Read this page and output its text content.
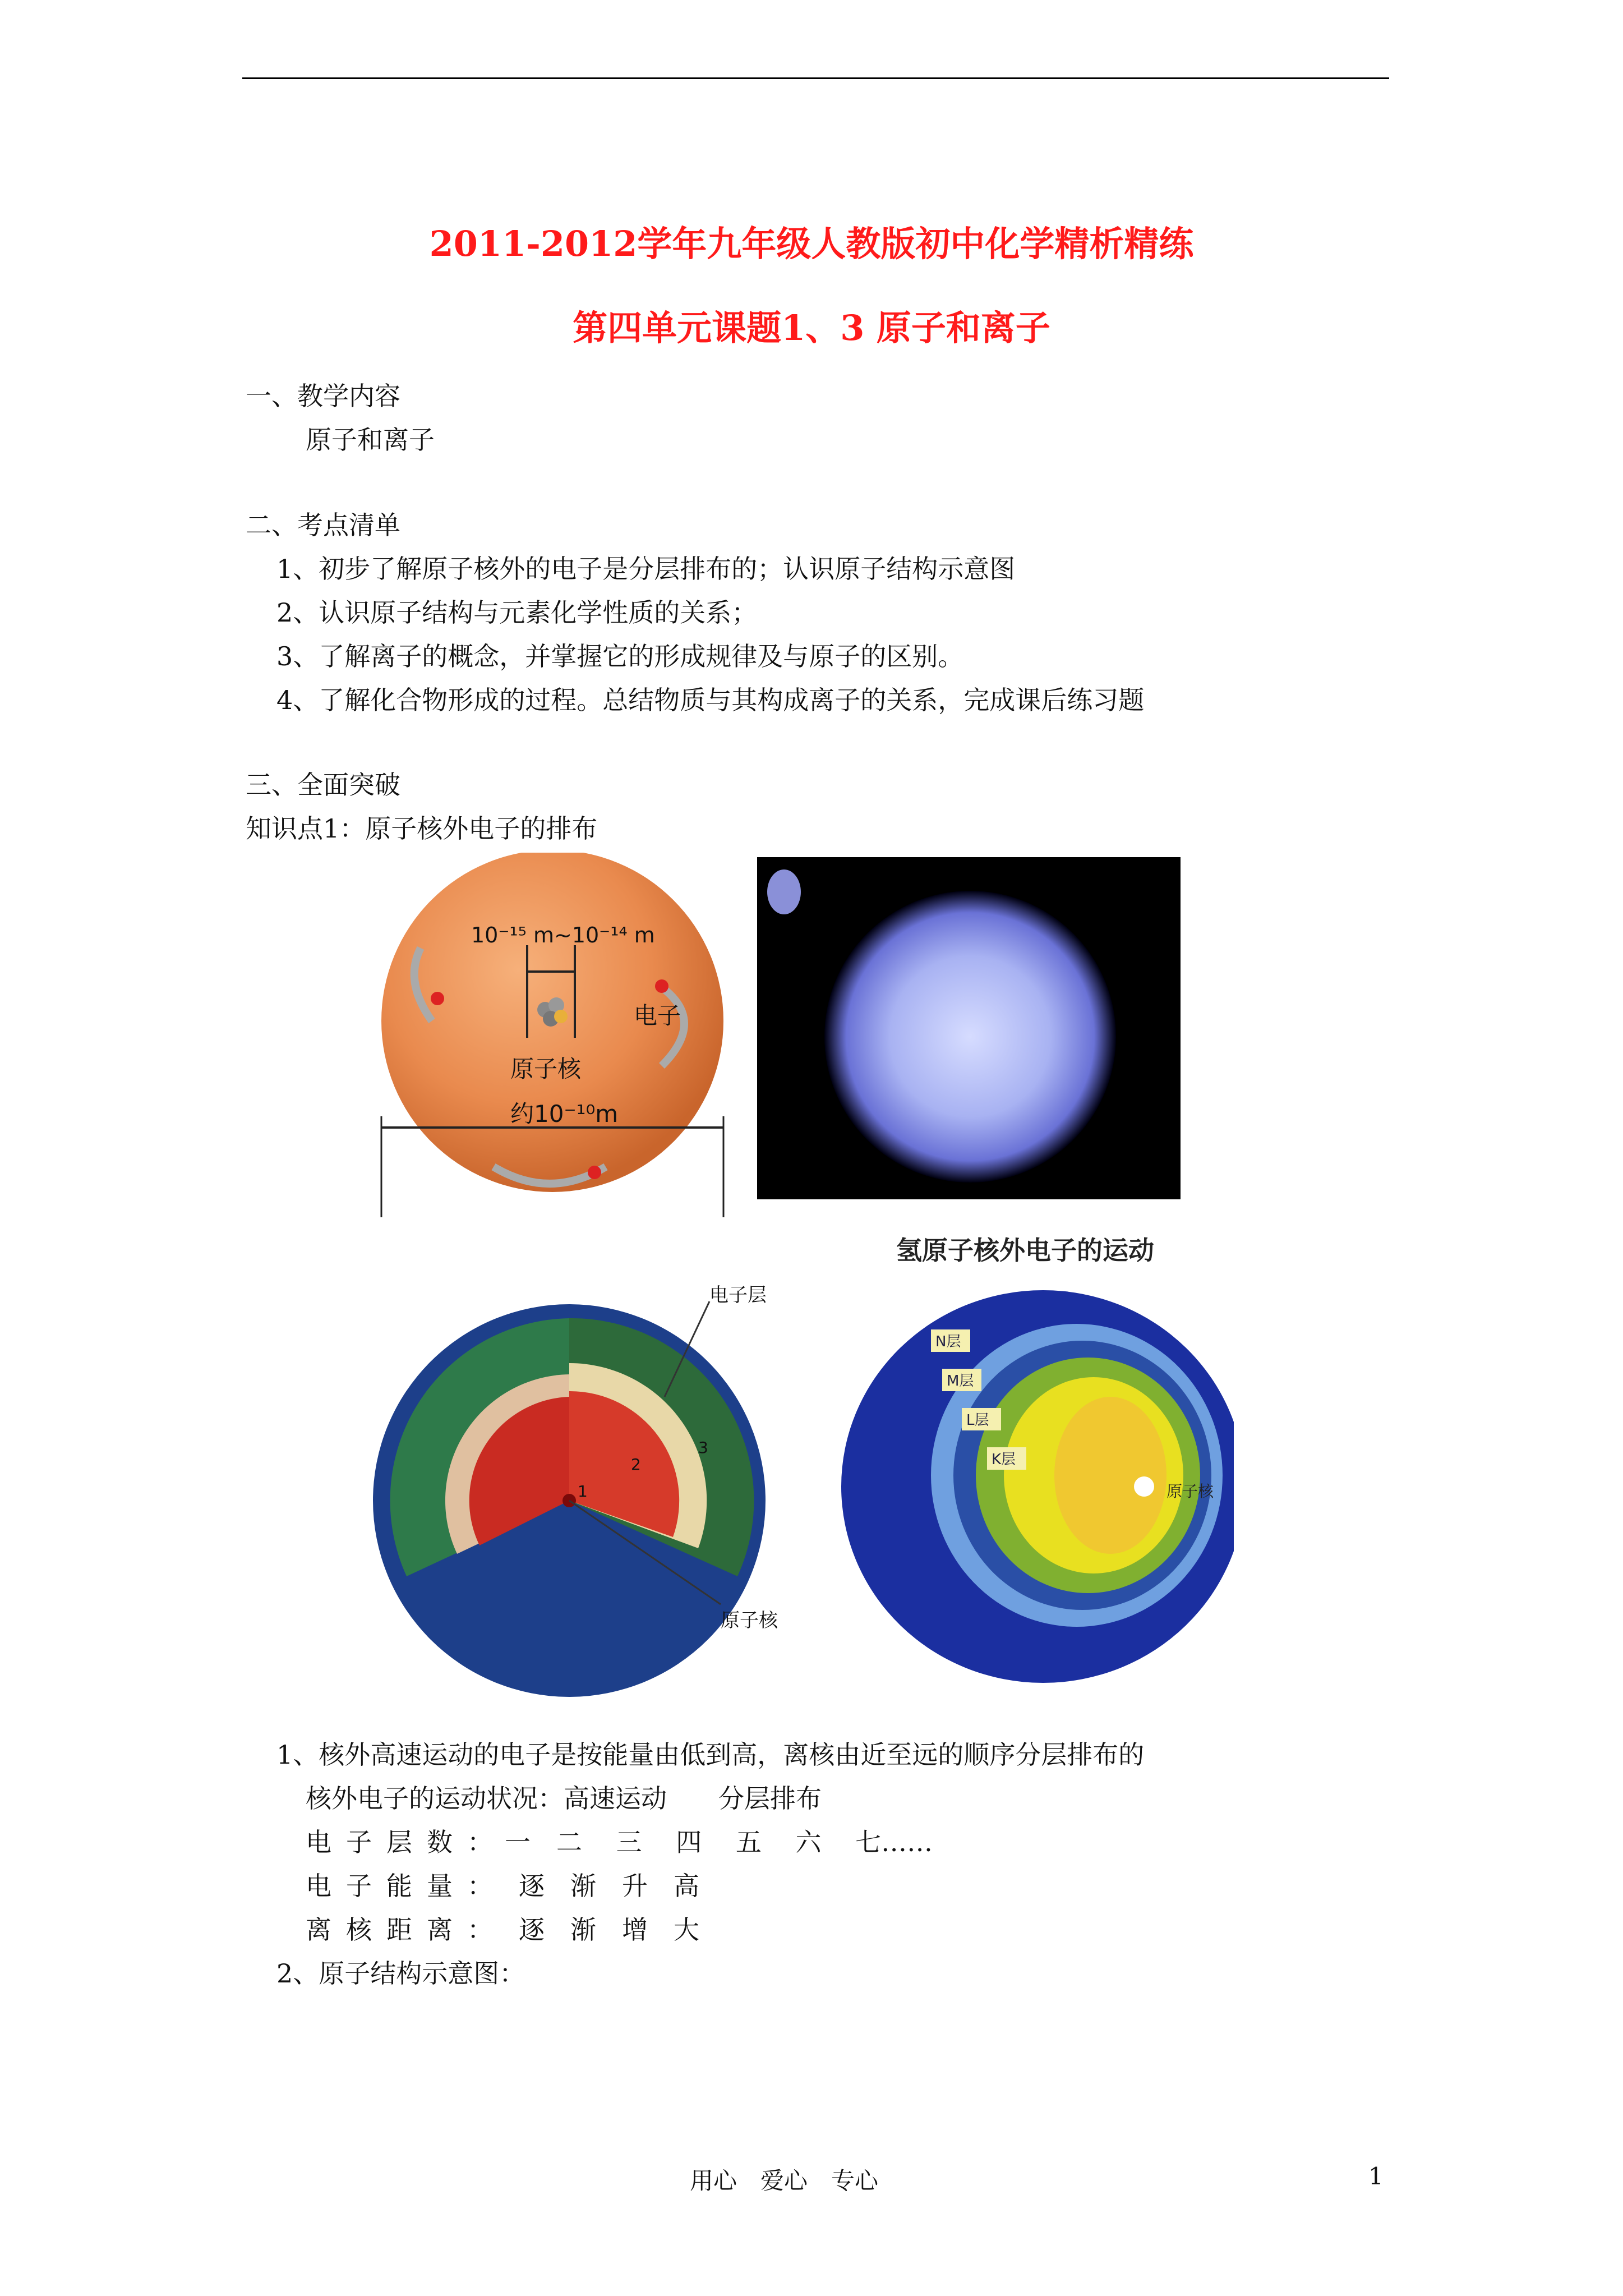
2011-2012学年九年级人教版初中化学精析精练
第四单元课题1、3 原子和离子
一、教学内容
原子和离子
二、考点清单
1、初步了解原子核外的电子是分层排布的；认识原子结构示意图
2、认识原子结构与元素化学性质的关系；
3、了解离子的概念，并掌握它的形成规律及与原子的区别。
4、了解化合物形成的过程。总结物质与其构成离子的关系，完成课后练习题
三、全面突破
知识点1：原子核外电子的排布
10⁻¹⁵ m~10⁻¹⁴ m
电子
原子核
约10⁻¹⁰m
氢原子核外电子的运动
1
2
3
电子层
原子核
N层
M层
L层
K层
原子核
1、核外高速运动的电子是按能量由低到高，离核由近至远的顺序分层排布的
核外电子的运动状况：高速运动　　分层排布
电子层数：
一　二　 三　 四　 五　 六　 七……
电子能量： 逐　渐　升　高
离核距离： 逐　渐　增　大
2、原子结构示意图：
用心　爱心　专心	1
